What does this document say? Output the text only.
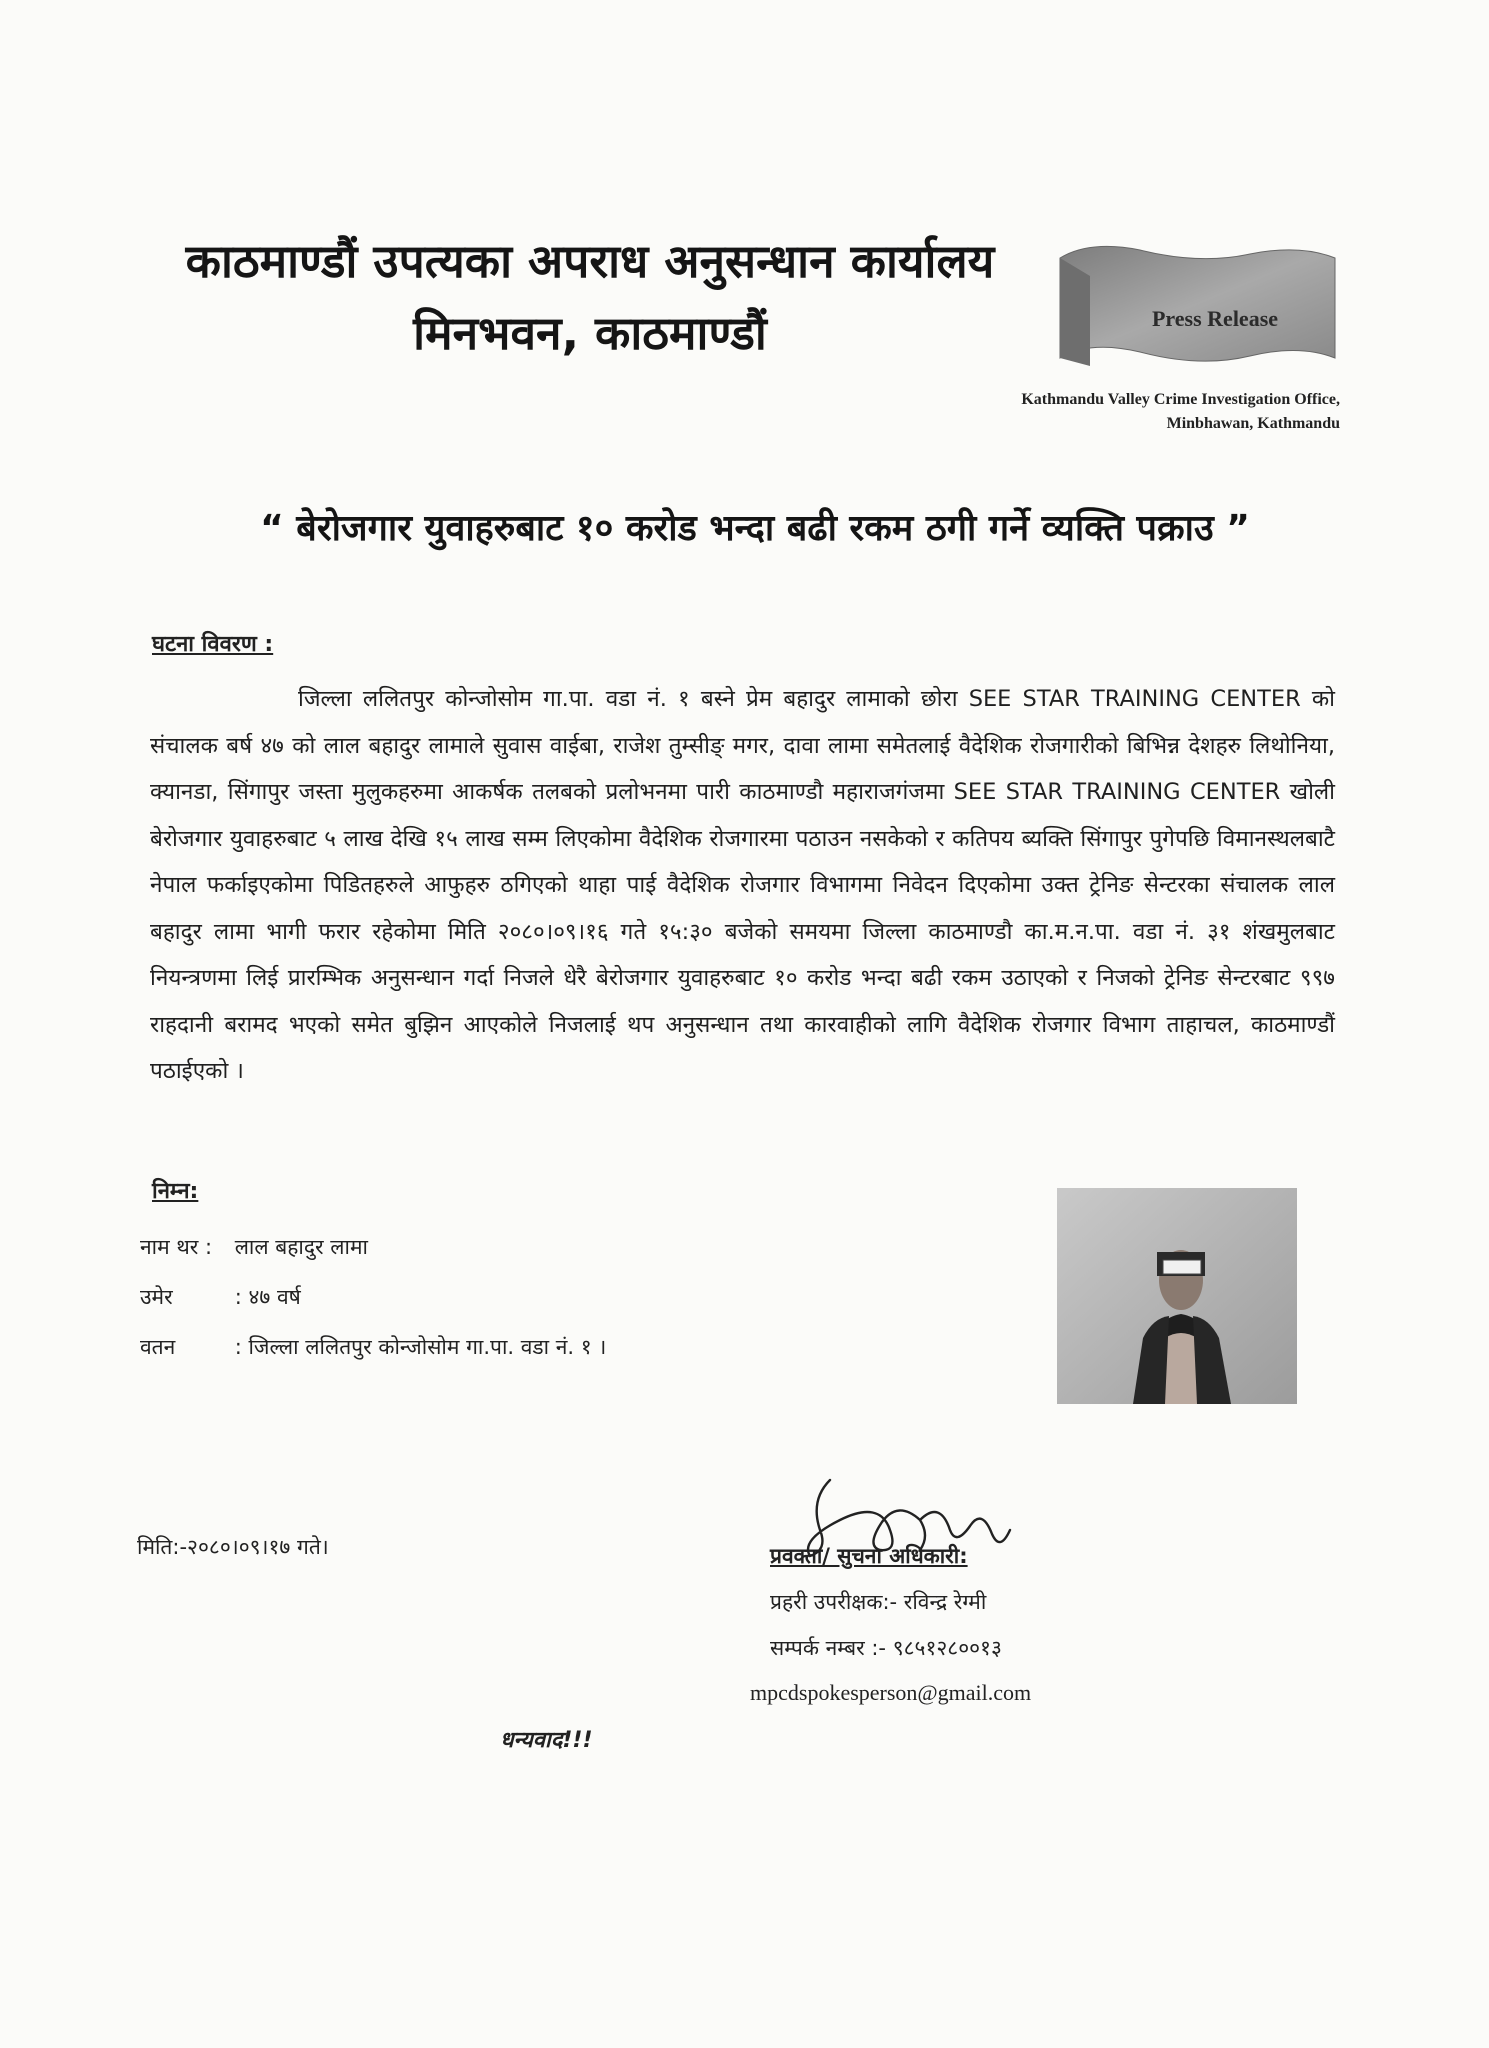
काठमाण्डौं उपत्यका अपराध अनुसन्धान कार्यालय
मिनभवन, काठमाण्डौं	Press Release
Kathmandu Valley Crime Investigation Office,
Minbhawan, Kathmandu
“ बेरोजगार युवाहरुबाट १० करोड भन्दा बढी रकम ठगी गर्ने व्यक्ति पक्राउ ”
घटना विवरण :
जिल्ला ललितपुर कोन्जोसोम गा.पा. वडा नं. १ बस्ने प्रेम बहादुर लामाको छोरा SEE STAR TRAINING CENTER को संचालक बर्ष ४७ को लाल बहादुर लामाले सुवास वाईबा, राजेश तुम्सीङ् मगर, दावा लामा समेतलाई वैदेशिक रोजगारीको बिभिन्न देशहरु लिथोनिया, क्यानडा, सिंगापुर जस्ता मुलुकहरुमा आकर्षक तलबको प्रलोभनमा पारी काठमाण्डौ महाराजगंजमा SEE STAR TRAINING CENTER खोली बेरोजगार युवाहरुबाट ५ लाख देखि १५ लाख सम्म लिएकोमा वैदेशिक रोजगारमा पठाउन नसकेको र कतिपय ब्यक्ति सिंगापुर पुगेपछि विमानस्थलबाटै नेपाल फर्काइएकोमा पिडितहरुले आफुहरु ठगिएको थाहा पाई वैदेशिक रोजगार विभागमा निवेदन दिएकोमा उक्त ट्रेनिङ सेन्टरका संचालक लाल बहादुर लामा भागी फरार रहेकोमा मिति २०८०।०९।१६ गते १५:३० बजेको समयमा जिल्ला काठमाण्डौ का.म.न.पा. वडा नं. ३१ शंखमुलबाट नियन्त्रणमा लिई प्रारम्भिक अनुसन्धान गर्दा निजले धेरै बेरोजगार युवाहरुबाट १० करोड भन्दा बढी रकम उठाएको र निजको ट्रेनिङ सेन्टरबाट ९९७ राहदानी बरामद भएको समेत बुझिन आएकोले निजलाई थप अनुसन्धान तथा कारवाहीको लागि वैदेशिक रोजगार विभाग ताहाचल, काठमाण्डौं पठाईएको ।
निम्न:
नाम थर : लाल बहादुर लामा
उमेर	: ४७ वर्ष
वतन	: जिल्ला ललितपुर कोन्जोसोम गा.पा. वडा नं. १ ।
मिति:-२०८०।०९।१७ गते।	प्रवक्ता/ सुचना अधिकारी:
प्रहरी उपरीक्षक:- रविन्द्र रेग्मी
सम्पर्क नम्बर :- ९८५१२८००१३
mpcdspokesperson@gmail.com
धन्यवाद!!!
